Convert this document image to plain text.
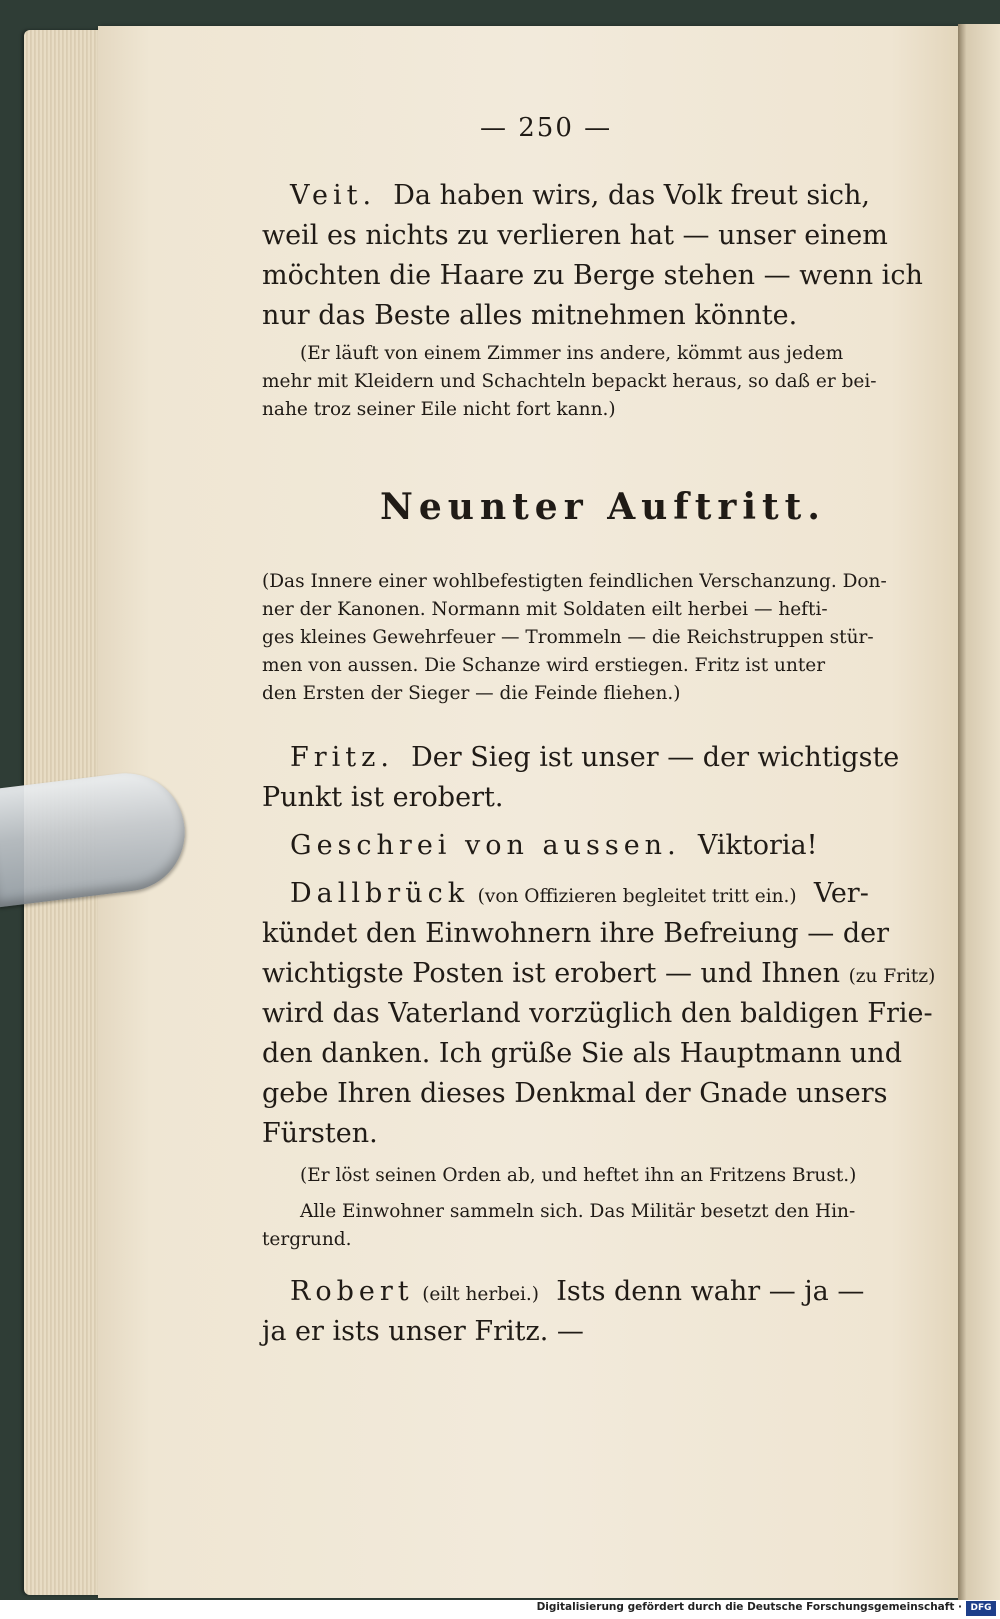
— 250 —
Veit. Da haben wirs, das Volk freut sich,
weil es nichts zu verlieren hat — unser einem
möchten die Haare zu Berge stehen — wenn ich
nur das Beste alles mitnehmen könnte.
(Er läuft von einem Zimmer ins andere, kömmt aus jedem
mehr mit Kleidern und Schachteln bepackt heraus, so daß er bei-
nahe troz seiner Eile nicht fort kann.)
Neunter Auftritt.
(Das Innere einer wohlbefestigten feindlichen Verschanzung. Don-
ner der Kanonen. Normann mit Soldaten eilt herbei — hefti-
ges kleines Gewehrfeuer — Trommeln — die Reichstruppen stür-
men von aussen. Die Schanze wird erstiegen. Fritz ist unter
den Ersten der Sieger — die Feinde fliehen.)
Fritz. Der Sieg ist unser — der wichtigste
Punkt ist erobert.
Geschrei von aussen. Viktoria!
Dallbrück (von Offizieren begleitet tritt ein.) Ver-
kündet den Einwohnern ihre Befreiung — der
wichtigste Posten ist erobert — und Ihnen (zu Fritz)
wird das Vaterland vorzüglich den baldigen Frie-
den danken. Ich grüße Sie als Hauptmann und
gebe Ihren dieses Denkmal der Gnade unsers
Fürsten.
(Er löst seinen Orden ab, und heftet ihn an Fritzens Brust.)
Alle Einwohner sammeln sich. Das Militär besetzt den Hin-
tergrund.
Robert (eilt herbei.) Ists denn wahr — ja —
ja er ists unser Fritz. —
Digitalisierung gefördert durch die Deutsche Forschungsgemeinschaft · DFG
